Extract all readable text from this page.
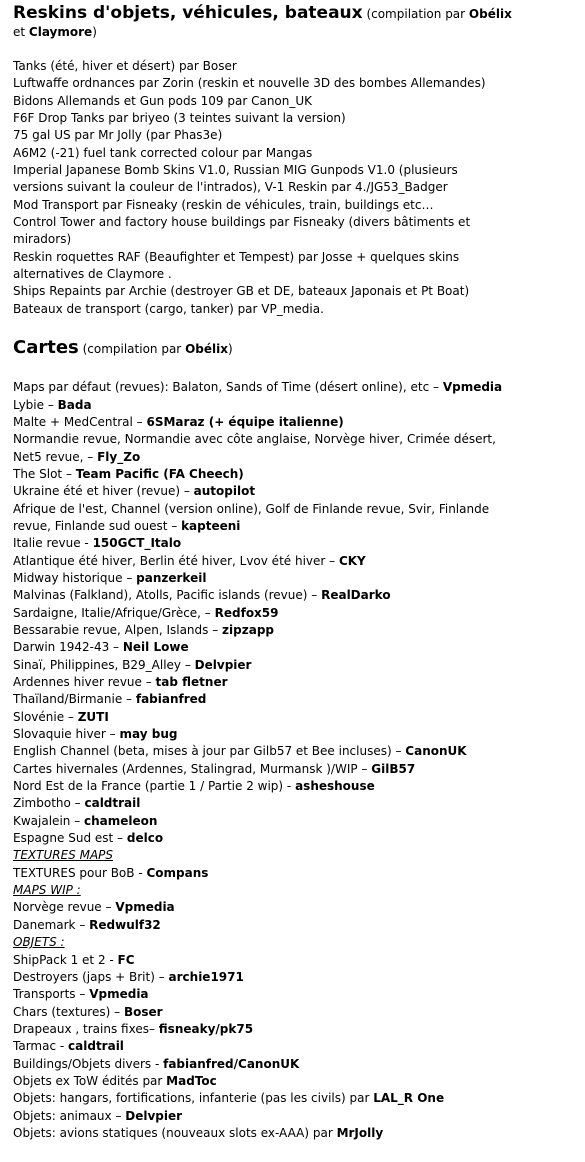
Reskins d'objets, véhicules, bateaux (compilation par Obélix

et Claymore)

Tanks (été, hiver et désert) par Boser

Luftwaffe ordnances par Zorin (reskin et nouvelle 3D des bombes Allemandes)

Bidons Allemands et Gun pods 109 par Canon_UK

F6F Drop Tanks par briyeo (3 teintes suivant la version)

75 gal US par Mr Jolly (par Phas3e)

A6M2 (-21) fuel tank corrected colour par Mangas

Imperial Japanese Bomb Skins V1.0, Russian MIG Gunpods V1.0 (plusieurs

versions suivant la couleur de l'intrados), V-1 Reskin par 4./JG53_Badger

Mod Transport par Fisneaky (reskin de véhicules, train, buildings etc…

Control Tower and factory house buildings par Fisneaky (divers bâtiments et

miradors)

Reskin roquettes RAF (Beaufighter et Tempest) par Josse + quelques skins

alternatives de Claymore .

Ships Repaints par Archie (destroyer GB et DE, bateaux Japonais et Pt Boat)

Bateaux de transport (cargo, tanker) par VP_media.

Cartes (compilation par Obélix)

Maps par défaut (revues): Balaton, Sands of Time (désert online), etc – Vpmedia

Lybie – Bada

Malte + MedCentral – 6SMaraz (+ équipe italienne)

Normandie revue, Normandie avec côte anglaise, Norvège hiver, Crimée désert,

Net5 revue, – Fly_Zo

The Slot – Team Pacific (FA Cheech)

Ukraine été et hiver (revue) – autopilot

Afrique de l'est, Channel (version online), Golf de Finlande revue, Svir, Finlande

revue, Finlande sud ouest – kapteeni

Italie revue - 150GCT_Italo

Atlantique été hiver, Berlin été hiver, Lvov été hiver – CKY

Midway historique – panzerkeil

Malvinas (Falkland), Atolls, Pacific islands (revue) – RealDarko

Sardaigne, Italie/Afrique/Grèce, – Redfox59

Bessarabie revue, Alpen, Islands – zipzapp

Darwin 1942-43 – Neil Lowe

Sinaï, Philippines, B29_Alley – Delvpier

Ardennes hiver revue – tab fletner

Thaïland/Birmanie – fabianfred

Slovénie – ZUTI

Slovaquie hiver – may bug

English Channel (beta, mises à jour par Gilb57 et Bee incluses) – CanonUK

Cartes hivernales (Ardennes, Stalingrad, Murmansk )/WIP – GilB57

Nord Est de la France (partie 1 / Partie 2 wip) - asheshouse

Zimbotho – caldtrail

Kwajalein – chameleon

Espagne Sud est – delco

TEXTURES MAPS

TEXTURES pour BoB - Compans

MAPS WIP :

Norvège revue – Vpmedia

Danemark – Redwulf32

OBJETS :

ShipPack 1 et 2 - FC

Destroyers (japs + Brit) – archie1971

Transports – Vpmedia

Chars (textures) – Boser

Drapeaux , trains fixes– fisneaky/pk75

Tarmac - caldtrail

Buildings/Objets divers - fabianfred/CanonUK

Objets ex ToW édités par MadToc

Objets: hangars, fortifications, infanterie (pas les civils) par LAL_R One

Objets: animaux – Delvpier

Objets: avions statiques (nouveaux slots ex-AAA) par MrJolly
